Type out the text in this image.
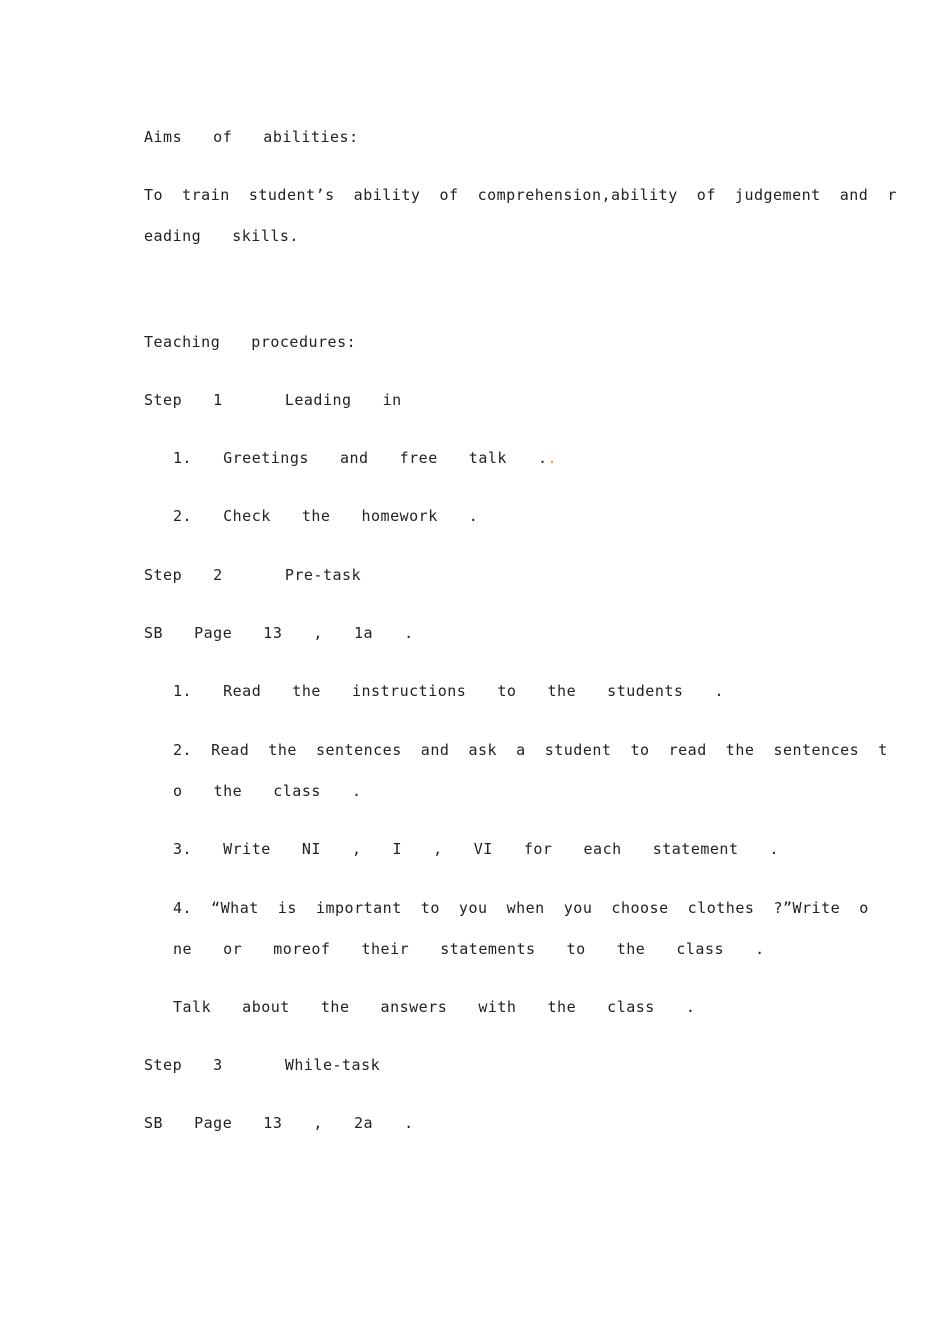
Aims  of  abilities:
To  train  student’s  ability  of  comprehension,ability  of  judgement  and  r
eading  skills.
Teaching  procedures:
Step  1    Leading  in
1.  Greetings  and  free  talk  ..
2.  Check  the  homework  .
Step  2    Pre-task
SB  Page  13  ,  1a  .
1.  Read  the  instructions  to  the  students  .
2.  Read  the  sentences  and  ask  a  student  to  read  the  sentences  t
o  the  class  .
3.  Write  NI  ,  I  ,  VI  for  each  statement  .
4.  “What  is  important  to  you  when  you  choose  clothes  ?”Write  o
ne  or  moreof  their  statements  to  the  class  .
Talk  about  the  answers  with  the  class  .
Step  3    While-task
SB  Page  13  ,  2a  .
